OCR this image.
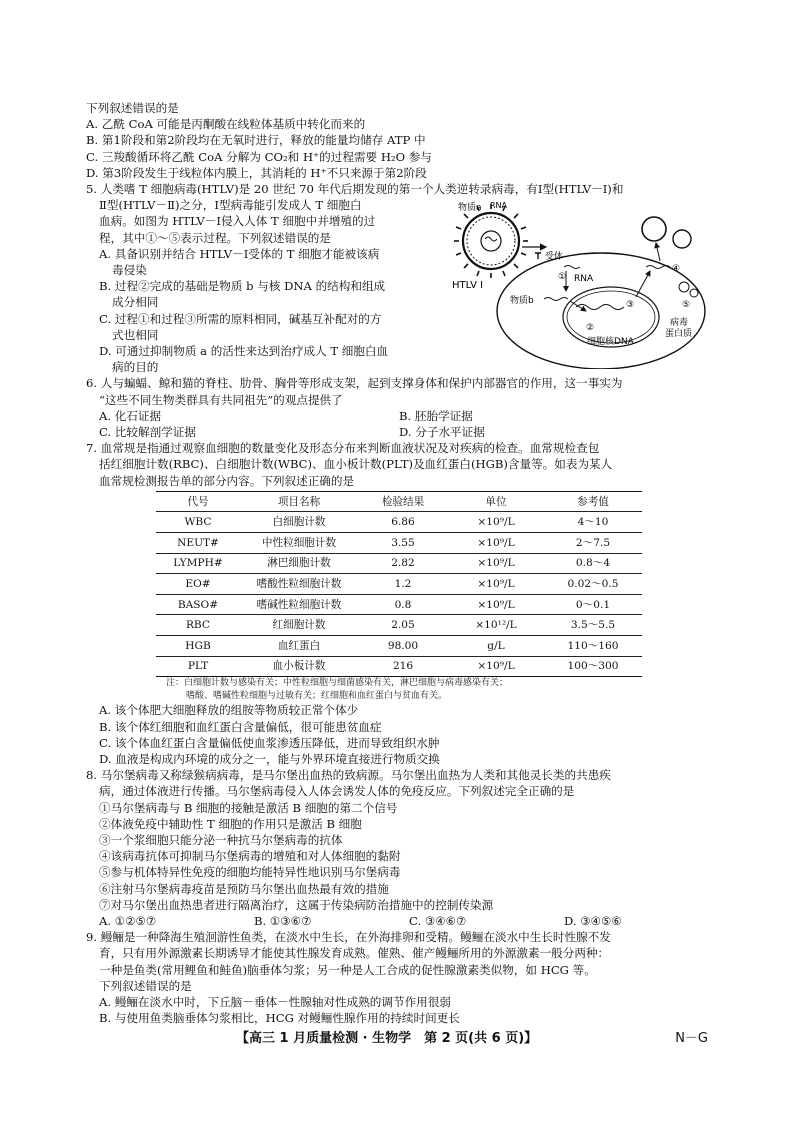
下列叙述错误的是
A. 乙酰 CoA 可能是丙酮酸在线粒体基质中转化而来的
B. 第1阶段和第2阶段均在无氧时进行，释放的能量均储存 ATP 中
C. 三羧酸循环将乙酰 CoA 分解为 CO₂和 H⁺的过程需要 H₂O 参与
D. 第3阶段发生于线粒体内膜上，其消耗的 H⁺不只来源于第2阶段
5. 人类嗜 T 细胞病毒(HTLV)是 20 世纪 70 年代后期发现的第一个人类逆转录病毒，有Ⅰ型(HTLV－Ⅰ)和
Ⅱ型(HTLV－Ⅱ)之分，Ⅰ型病毒能引发成人 T 细胞白
血病。如图为 HTLV－Ⅰ侵入人体 T 细胞中并增殖的过
程，其中①～⑤表示过程。下列叙述错误的是
A. 具备识别并结合 HTLV－Ⅰ受体的 T 细胞才能被该病
毒侵染
B. 过程②完成的基础是物质 b 与核 DNA 的结构和组成
成分相同
C. 过程①和过程③所需的原料相同，碱基互补配对的方
式也相同
D. 可通过抑制物质 a 的活性来达到治疗成人 T 细胞白血
病的目的
物质a RNA
HTLV Ⅰ
受体
RNA
①
物质b
②
③
细胞核DNA
④
⑤
病毒
蛋白质
6. 人与蝙蝠、鲸和猫的脊柱、肋骨、胸骨等形成支架，起到支撑身体和保护内部器官的作用，这一事实为
“这些不同生物类群具有共同祖先”的观点提供了
A. 化石证据	B. 胚胎学证据
C. 比较解剖学证据	D. 分子水平证据
7. 血常规是指通过观察血细胞的数量变化及形态分布来判断血液状况及对疾病的检查。血常规检查包
括红细胞计数(RBC)、白细胞计数(WBC)、血小板计数(PLT)及血红蛋白(HGB)含量等。如表为某人
血常规检测报告单的部分内容。下列叙述正确的是
代号	项目名称	检验结果	单位	参考值
WBC	白细胞计数	6.86	×10⁹/L	4～10
NEUT#	中性粒细胞计数	3.55	×10⁹/L	2～7.5
LYMPH#	淋巴细胞计数	2.82	×10⁹/L	0.8～4
EO#	嗜酸性粒细胞计数	1.2	×10⁹/L	0.02～0.5
BASO#	嗜碱性粒细胞计数	0.8	×10⁹/L	0～0.1
RBC	红细胞计数	2.05	×10¹²/L	3.5～5.5
HGB	血红蛋白	98.00	g/L	110～160
PLT	血小板计数	216	×10⁹/L	100～300
注：白细胞计数与感染有关；中性粒细胞与细菌感染有关，淋巴细胞与病毒感染有关；
嗜酸、嗜碱性粒细胞与过敏有关；红细胞和血红蛋白与贫血有关。
A. 该个体肥大细胞释放的组胺等物质较正常个体少
B. 该个体红细胞和血红蛋白含量偏低，很可能患贫血症
C. 该个体血红蛋白含量偏低使血浆渗透压降低，进而导致组织水肿
D. 血液是构成内环境的成分之一，能与外界环境直接进行物质交换
8. 马尔堡病毒又称绿猴病病毒，是马尔堡出血热的致病源。马尔堡出血热为人类和其他灵长类的共患疾
病，通过体液进行传播。马尔堡病毒侵入人体会诱发人体的免疫反应。下列叙述完全正确的是
①马尔堡病毒与 B 细胞的接触是激活 B 细胞的第二个信号
②体液免疫中辅助性 T 细胞的作用只是激活 B 细胞
③一个浆细胞只能分泌一种抗马尔堡病毒的抗体
④该病毒抗体可抑制马尔堡病毒的增殖和对人体细胞的黏附
⑤参与机体特异性免疫的细胞均能特异性地识别马尔堡病毒
⑥注射马尔堡病毒疫苗是预防马尔堡出血热最有效的措施
⑦对马尔堡出血热患者进行隔离治疗，这属于传染病防治措施中的控制传染源
A. ①②⑤⑦	B. ①③⑥⑦	C. ③④⑥⑦	D. ③④⑤⑥
9. 鳗鲡是一种降海生殖洄游性鱼类，在淡水中生长，在外海排卵和受精。鳗鲡在淡水中生长时性腺不发
育，只有用外源激素长期诱导才能使其性腺发育成熟。催熟、催产鳗鲡所用的外源激素一般分两种：
一种是鱼类(常用鲤鱼和鲑鱼)脑垂体匀浆；另一种是人工合成的促性腺激素类似物，如 HCG 等。
下列叙述错误的是
A. 鳗鲡在淡水中时，下丘脑－垂体－性腺轴对性成熟的调节作用很弱
B. 与使用鱼类脑垂体匀浆相比，HCG 对鳗鲡性腺作用的持续时间更长
【高三 1 月质量检测 · 生物学　第 2 页(共 6 页)】	N－G
